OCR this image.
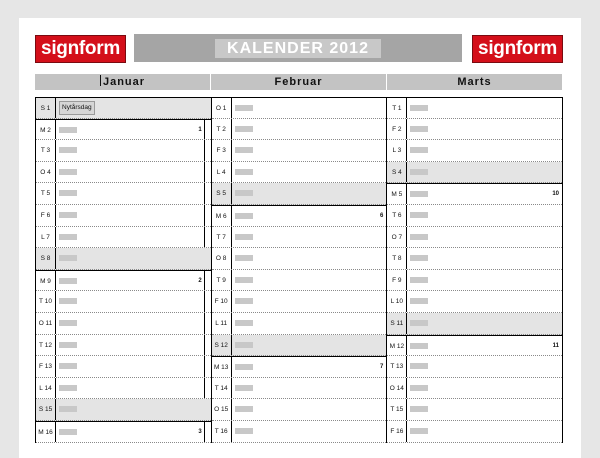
signform	KALENDER 2012	signform
Januar	Februar	Marts
S 1	Nytårsdag
M 2	1
T 3
O 4
T 5
F 6
L 7
S 8
M 9	2
T 10
O 11
T 12
F 13
L 14
S 15
M 16	3
O 1
T 2
F 3
L 4
S 5
M 6	6
T 7
O 8
T 9
F 10
L 11
S 12
M 13	7
T 14
O 15
T 16
T 1
F 2
L 3
S 4
M 5	10
T 6
O 7
T 8
F 9
L 10
S 11
M 12	11
T 13
O 14
T 15
F 16
